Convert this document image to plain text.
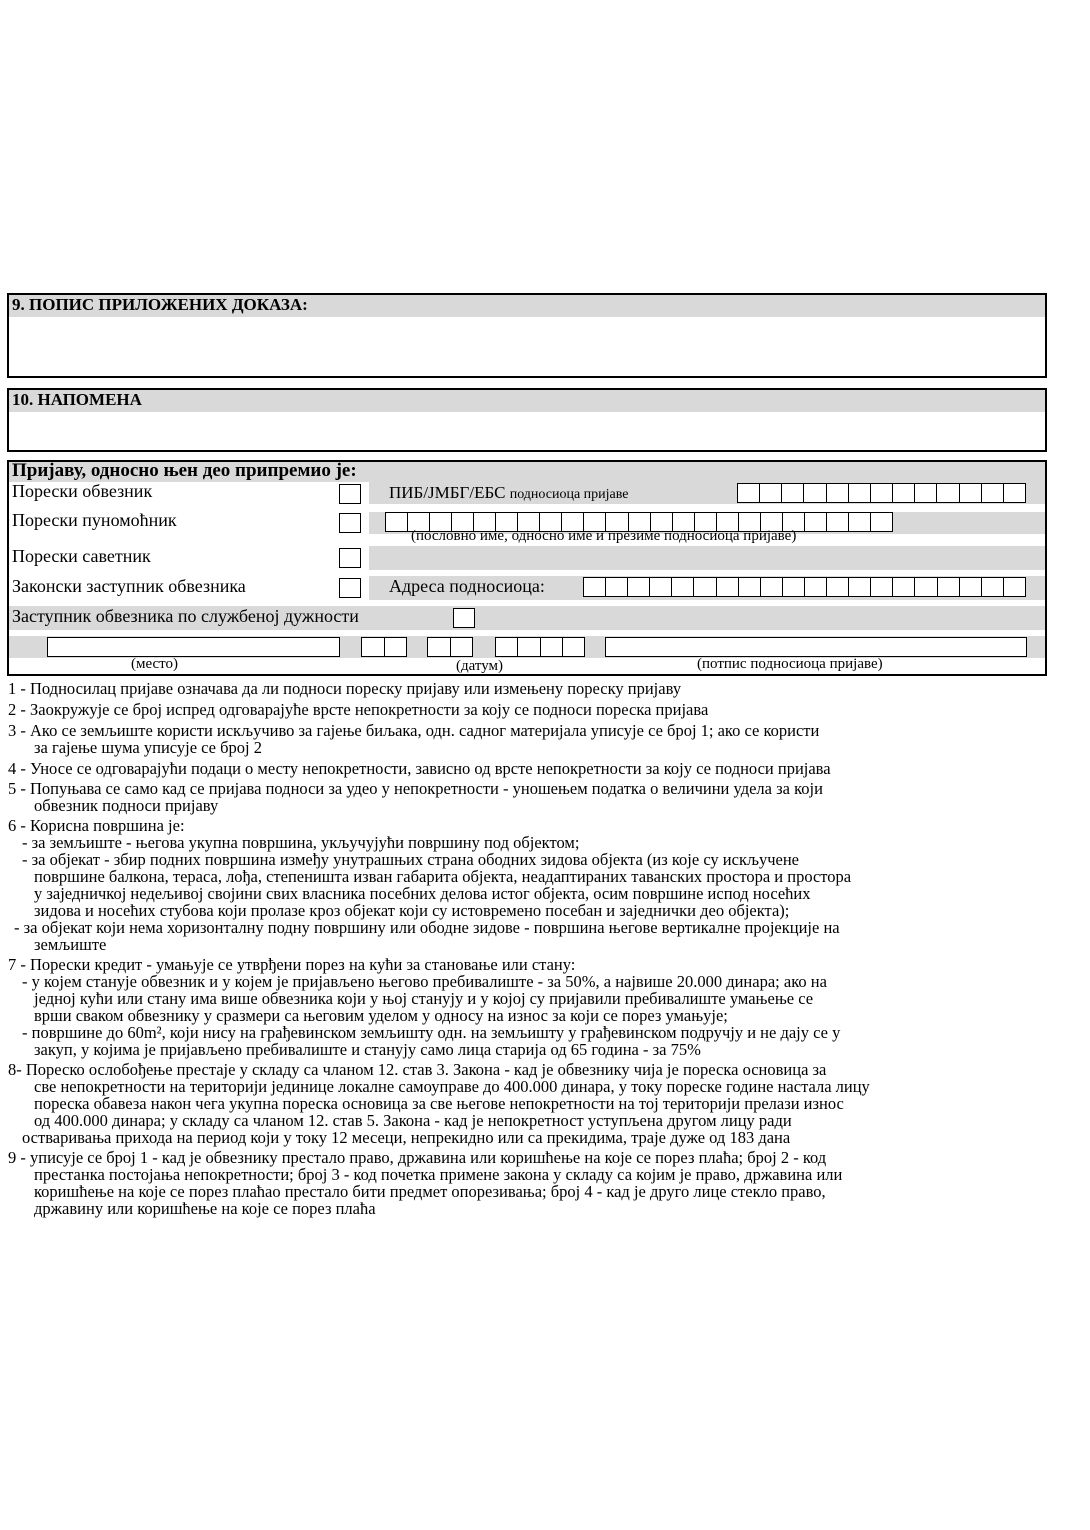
9. ПОПИС ПРИЛОЖЕНИХ ДОКАЗА:
10. НАПОМЕНА
Пријаву, односно њен део припремио је:
Порески обвезник	ПИБ/ЈМБГ/ЕБС подносиоца пријаве
Порески пуномоћник
(пословно име, односно име и презиме подносиоца пријаве)
Порески саветник
Законски заступник обвезника	Адреса подносиоца:
Заступник обвезника по службеној дужности
(место)	(датум)	(потпис подносиоца пријаве)

1 - Подносилац пријаве означава да ли подноси пореску пријаву или измењену пореску пријаву

2 - Заокружује се број испред одговарајуће врсте непокретности за коју се подноси пореска пријава

3 - Ако се земљиште користи искључиво за гајење биљака, одн. садног материјала уписује се број 1; ако се користи

за гајење шума уписује се број 2

4 - Уносе се одговарајући подаци о месту непокретности, зависно од врсте непокретности за коју се подноси пријава

5 - Попуњава се само кад се пријава подноси за удео у непокретности - уношењем податка о величини удела за који

обвезник подноси пријаву

6 - Корисна површина је:

- за земљиште - његова укупна површина, укључујући површину под објектом;

- за објекат - збир подних површина између унутрашњих страна ободних зидова објекта (из које су искључене

површине балкона, тераса, лођа, степеништа изван габарита објекта, неадаптираних таванских простора и простора

у заједничкој недељивој својини свих власника посебних делова истог објекта, осим површине испод носећих

зидова и носећих стубова који пролазе кроз објекат који су истовремено посебан и заједнички део објекта);

- за објекат који нема хоризонталну подну површину или ободне зидове - површина његове вертикалне пројекције на

земљиште

7 - Порески кредит - умањује се утврђени порез на кући за становање или стану:

- у којем станује обвезник и у којем је пријављено његово пребивалиште - за 50%, а највише 20.000 динара; ако на

једној кући или стану има више обвезника који у њој станују и у којој су пријавили пребивалиште умањење се

врши сваком обвезнику у сразмери са његовим уделом у односу на износ за који се порез умањује;

- површине до 60m², који нису на грађевинском земљишту одн. на земљишту у грађевинском подручју и не дају се у

закуп, у којима је пријављено пребивалиште и станују само лица старија од 65 година - за 75%

8- Пореско ослобођење престаје у складу са чланом 12. став 3. Закона - кад је обвезнику чија је пореска основица за

све непокретности на територији јединице локалне самоуправе до 400.000 динара, у току пореске године настала лицу

пореска обавеза након чега укупна пореска основица за све његове непокретности на тој територији прелази износ

од 400.000 динара; у складу са чланом 12. став 5. Закона - кад је непокретност уступљена другом лицу ради

остваривања прихода на период који у току 12 месеци, непрекидно или са прекидима, траје дуже од 183 дана

9 - уписује се број 1 - кад је обвезнику престало право, државина или коришћење на које се порез плаћа; број 2 - код

престанка постојања непокретности; број 3 - код почетка примене закона у складу са којим је право, државина или

коришћење на које се порез плаћао престало бити предмет опорезивања; број 4 - кад је друго лице стекло право,

државину или коришћење на које се порез плаћа
